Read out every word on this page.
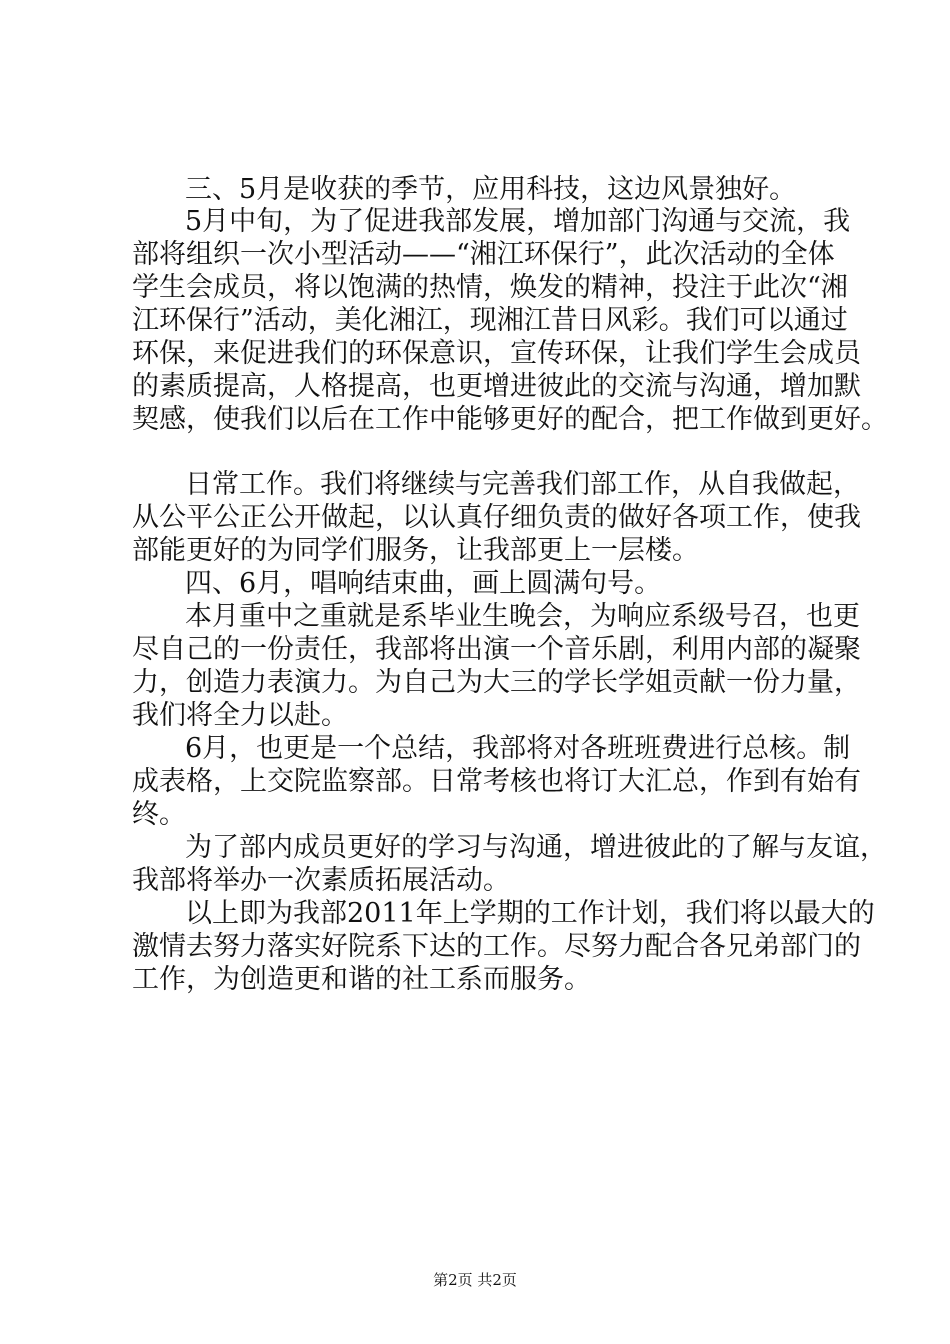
三、5月是收获的季节，应用科技，这边风景独好。
5月中旬，为了促进我部发展，增加部门沟通与交流，我
部将组织一次小型活动——“湘江环保行”，此次活动的全体
学生会成员，将以饱满的热情，焕发的精神，投注于此次“湘
江环保行”活动，美化湘江，现湘江昔日风彩。我们可以通过
环保，来促进我们的环保意识，宣传环保，让我们学生会成员
的素质提高，人格提高，也更增进彼此的交流与沟通，增加默
契感，使我们以后在工作中能够更好的配合，把工作做到更好。
日常工作。我们将继续与完善我们部工作，从自我做起，
从公平公正公开做起，以认真仔细负责的做好各项工作，使我
部能更好的为同学们服务，让我部更上一层楼。
四、6月，唱响结束曲，画上圆满句号。
本月重中之重就是系毕业生晚会，为响应系级号召，也更
尽自己的一份责任，我部将出演一个音乐剧，利用内部的凝聚
力，创造力表演力。为自己为大三的学长学姐贡献一份力量，
我们将全力以赴。
6月，也更是一个总结，我部将对各班班费进行总核。制
成表格，上交院监察部。日常考核也将订大汇总，作到有始有
终。
为了部内成员更好的学习与沟通，增进彼此的了解与友谊，
我部将举办一次素质拓展活动。
以上即为我部2011年上学期的工作计划，我们将以最大的
激情去努力落实好院系下达的工作。尽努力配合各兄弟部门的
工作，为创造更和谐的社工系而服务。
第2页 共2页
